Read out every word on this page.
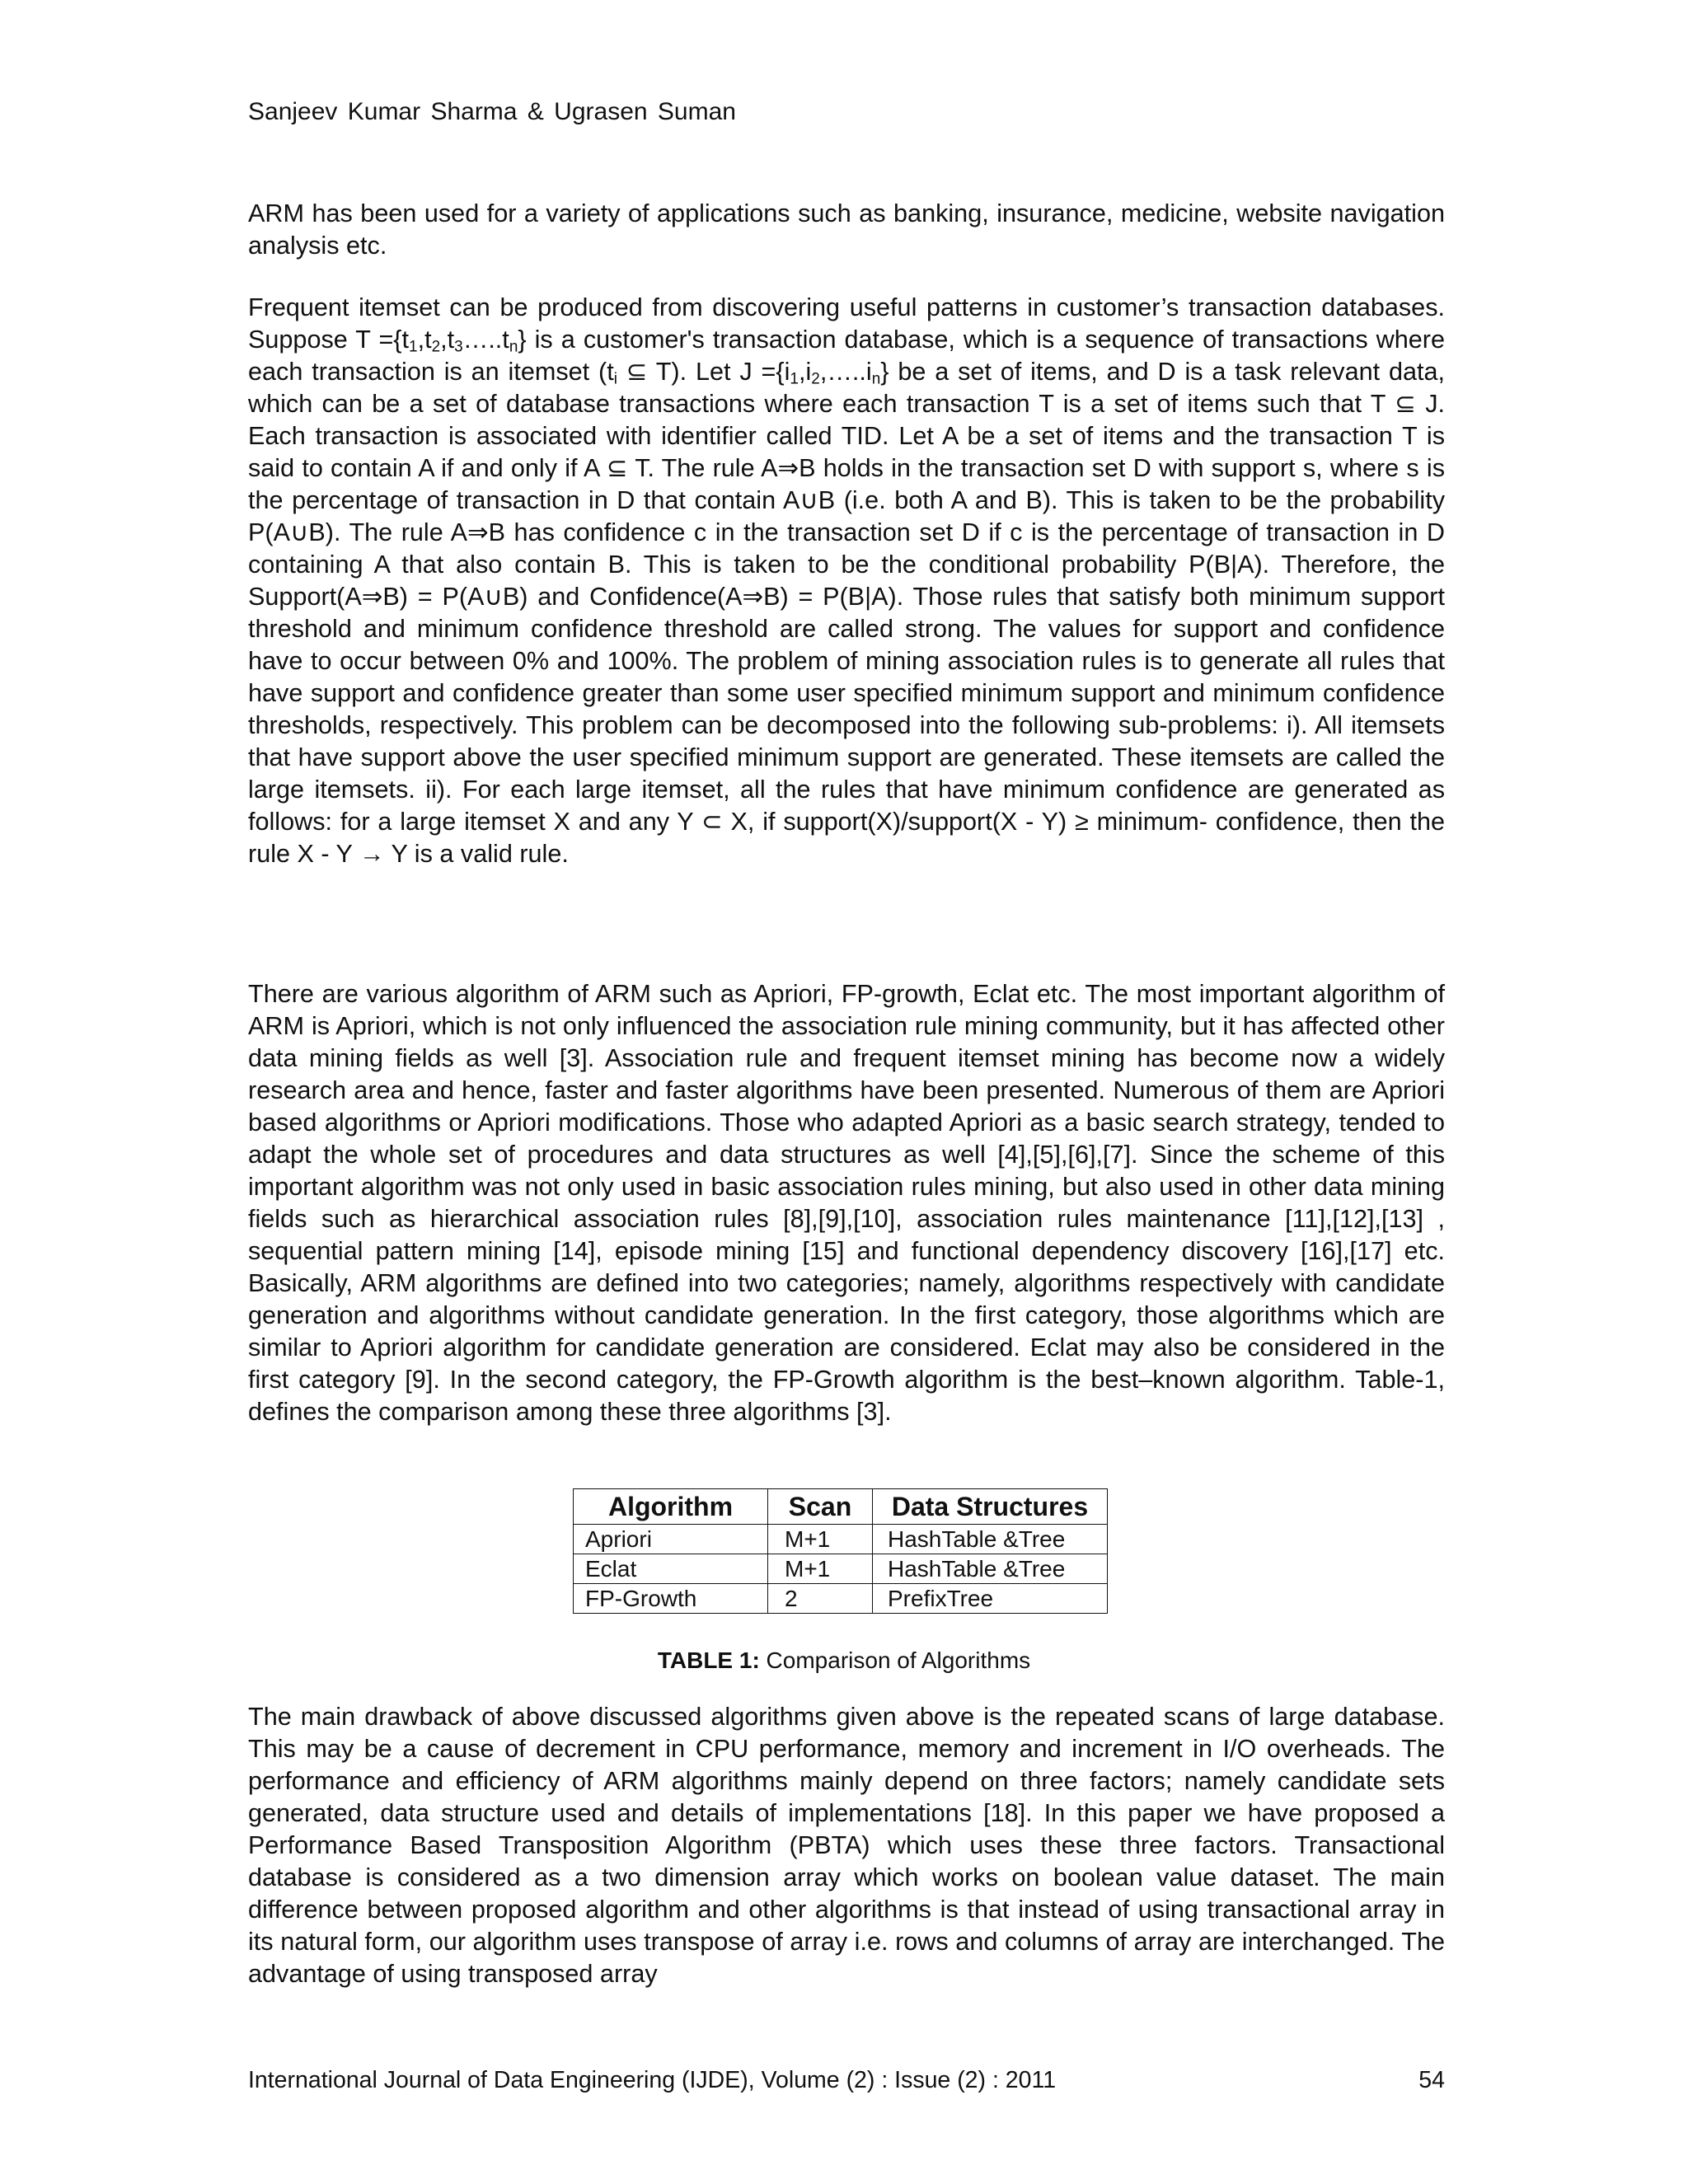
Sanjeev Kumar Sharma & Ugrasen Suman

ARM has been used for a variety of applications such as banking, insurance, medicine, website navigation analysis etc.

Frequent itemset can be produced from discovering useful patterns in customer’s transaction databases. Suppose $T =\{t_1,t_2,t_3\dots..t_n\}$ is a customer's transaction database, which is a sequence of transactions where each transaction is an itemset ($t_i$ ⊆ T). Let $J =\{i_1,i_2,\dots..i_n\}$ be a set of items, and D is a task relevant data, which can be a set of database transactions where each transaction T is a set of items such that T ⊆ J. Each transaction is associated with identifier called TID. Let A be a set of items and the transaction T is said to contain A if and only if A ⊆ T. The rule A⇒B holds in the transaction set D with support s, where s is the percentage of transaction in D that contain A∪B (i.e. both A and B). This is taken to be the probability P(A∪B). The rule A⇒B has confidence c in the transaction set D if c is the percentage of transaction in D containing A that also contain B. This is taken to be the conditional probability P(B|A). Therefore, the Support(A⇒B) = P(A∪B) and Confidence(A⇒B) = P(B|A). Those rules that satisfy both minimum support threshold and minimum confidence threshold are called strong. The values for support and confidence have to occur between 0% and 100%. The problem of mining association rules is to generate all rules that have support and confidence greater than some user specified minimum support and minimum confidence thresholds, respectively. This problem can be decomposed into the following sub-problems: i). All itemsets that have support above the user specified minimum support are generated. These itemsets are called the large itemsets. ii). For each large itemset, all the rules that have minimum confidence are generated as follows: for a large itemset X and any Y ⊂ X, if support(X)/support(X - Y) ≥ minimum- confidence, then the rule X - Y → Y is a valid rule.

There are various algorithm of ARM such as Apriori, FP-growth, Eclat etc. The most important algorithm of ARM is Apriori, which is not only influenced the association rule mining community, but it has affected other data mining fields as well [3]. Association rule and frequent itemset mining has become now a widely research area and hence, faster and faster algorithms have been presented. Numerous of them are Apriori based algorithms or Apriori modifications. Those who adapted Apriori as a basic search strategy, tended to adapt the whole set of procedures and data structures as well [4],[5],[6],[7]. Since the scheme of this important algorithm was not only used in basic association rules mining, but also used in other data mining fields such as hierarchical association rules [8],[9],[10], association rules maintenance [11],[12],[13] , sequential pattern mining [14], episode mining [15] and functional dependency discovery [16],[17] etc. Basically, ARM algorithms are defined into two categories; namely, algorithms respectively with candidate generation and algorithms without candidate generation. In the first category, those algorithms which are similar to Apriori algorithm for candidate generation are considered. Eclat may also be considered in the first category [9]. In the second category, the FP-Growth algorithm is the best–known algorithm. Table-1, defines the comparison among these three algorithms [3].

Algorithm	Scan	Data Structures
Apriori	M+1	HashTable &Tree
Eclat	M+1	HashTable &Tree
FP-Growth	2	PrefixTree
TABLE 1: Comparison of Algorithms

The main drawback of above discussed algorithms given above is the repeated scans of large database. This may be a cause of decrement in CPU performance, memory and increment in I/O overheads. The performance and efficiency of ARM algorithms mainly depend on three factors; namely candidate sets generated, data structure used and details of implementations [18]. In this paper we have proposed a Performance Based Transposition Algorithm (PBTA) which uses these three factors. Transactional database is considered as a two dimension array which works on boolean value dataset. The main difference between proposed algorithm and other algorithms is that instead of using transactional array in its natural form, our algorithm uses transpose of array i.e. rows and columns of array are interchanged. The advantage of using transposed array

International Journal of Data Engineering (IJDE), Volume (2) : Issue (2) : 2011	54
